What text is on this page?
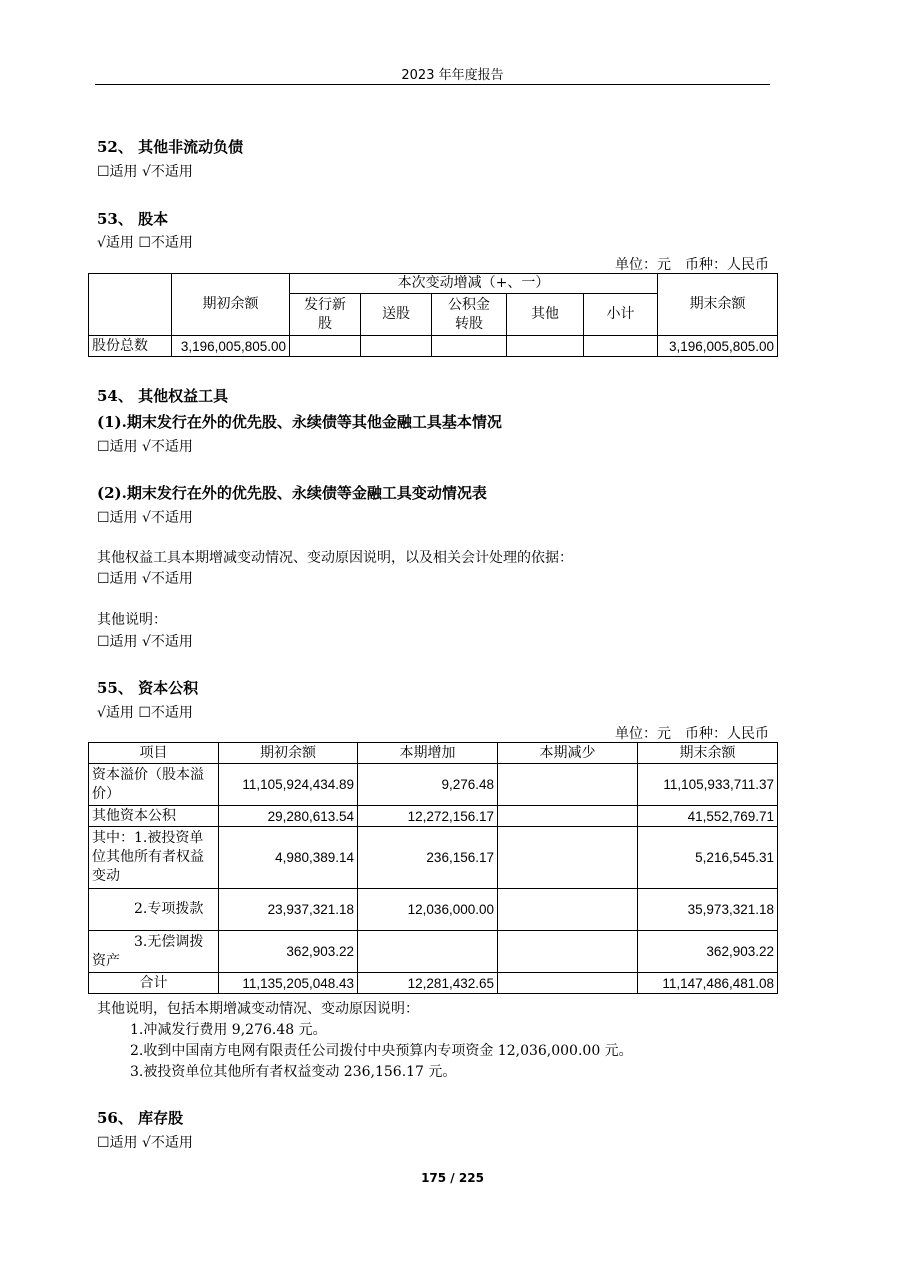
2023 年年度报告
52、 其他非流动负债
☐适用 √不适用
53、 股本
√适用 ☐不适用
单位：元　币种：人民币
	期初余额	本次变动增减（+、一）					期末余额
		发行新股	送股	公积金转股	其他	小计	
股份总数	3,196,005,805.00						3,196,005,805.00
54、 其他权益工具
(1).期末发行在外的优先股、永续债等其他金融工具基本情况
☐适用 √不适用
(2).期末发行在外的优先股、永续债等金融工具变动情况表
☐适用 √不适用
其他权益工具本期增减变动情况、变动原因说明，以及相关会计处理的依据：
☐适用 √不适用
其他说明：
☐适用 √不适用
55、 资本公积
√适用 ☐不适用
单位：元　币种：人民币
项目	期初余额	本期增加	本期减少	期末余额
资本溢价（股本溢价）	11,105,924,434.89	9,276.48		11,105,933,711.37
其他资本公积	29,280,613.54	12,272,156.17		41,552,769.71
其中：1.被投资单位其他所有者权益变动	4,980,389.14	236,156.17		5,216,545.31
2.专项拨款	23,937,321.18	12,036,000.00		35,973,321.18
3.无偿调拨资产	362,903.22			362,903.22
合计	11,135,205,048.43	12,281,432.65		11,147,486,481.08
其他说明，包括本期增减变动情况、变动原因说明：
1.冲减发行费用 9,276.48 元。
2.收到中国南方电网有限责任公司拨付中央预算内专项资金 12,036,000.00 元。
3.被投资单位其他所有者权益变动 236,156.17 元。
56、 库存股
☐适用 √不适用
175 / 225
